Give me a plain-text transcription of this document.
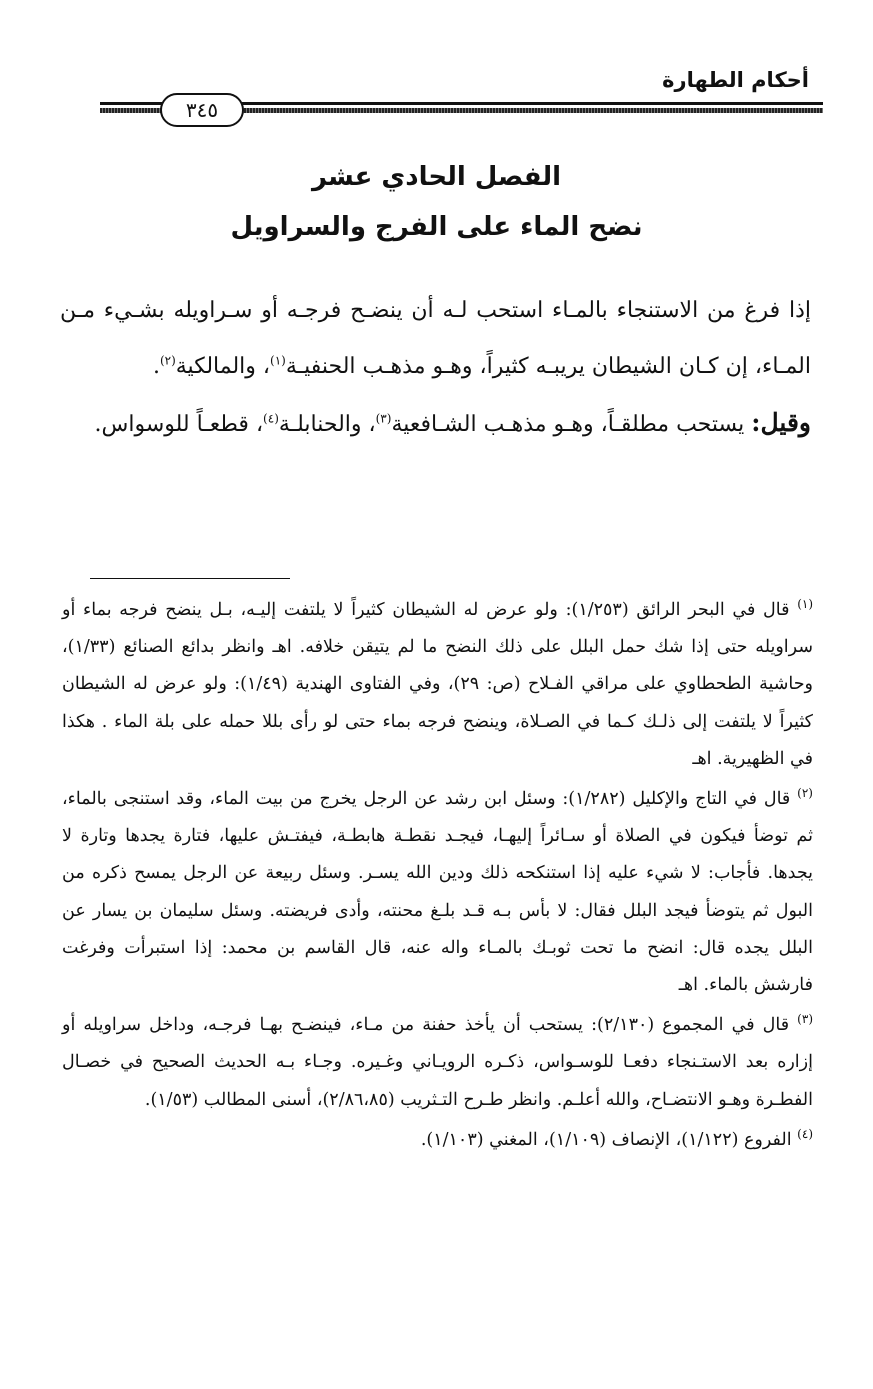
أحكام الطهارة
٣٤٥
الفصل الحادي عشر
نضح الماء على الفرج والسراويل

إذا فرغ من الاستنجاء بالمـاء استحب لـه أن ينضـح فرجـه أو سـراويله بشـيء مـن المـاء، إن كـان الشيطان يريبـه كثيراً، وهـو مذهـب الحنفيـة$^{(١)}$، والمالكية$^{(٢)}$.

وقيل: يستحب مطلقـاً، وهـو مذهـب الشـافعية$^{(٣)}$، والحنابلـة$^{(٤)}$، قطعـاً للوسواس.

$^{(١)}$ قال في البحر الرائق (١/٢٥٣): ولو عرض له الشيطان كثيراً لا يلتفت إليـه، بـل ينضح فرجه بماء أو سراويله حتى إذا شك حمل البلل على ذلك النضح ما لم يتيقن خلافه. اهـ وانظر بدائع الصنائع (١/٣٣)، وحاشية الطحطاوي على مراقي الفـلاح (ص: ٢٩)، وفي الفتاوى الهندية (١/٤٩): ولو عرض له الشيطان كثيراً لا يلتفت إلى ذلـك كـما في الصـلاة، وينضح فرجه بماء حتى لو رأى بللا حمله على بلة الماء . هكذا في الظهيرية. اهـ

$^{(٢)}$ قال في التاج والإكليل (١/٢٨٢): وسئل ابن رشد عن الرجل يخرج من بيت الماء، وقد استنجى بالماء، ثم توضأ فيكون في الصلاة أو سـائراً إليهـا، فيجـد نقطـة هابطـة، فيفتـش عليها، فتارة يجدها وتارة لا يجدها. فأجاب: لا شيء عليه إذا استنكحه ذلك ودين الله يسـر. وسئل ربيعة عن الرجل يمسح ذكره من البول ثم يتوضأ فيجد البلل فقال: لا بأس بـه قـد بلـغ محنته، وأدى فريضته. وسئل سليمان بن يسار عن البلل يجده قال: انضح ما تحت ثوبـك بالمـاء واله عنه، قال القاسم بن محمد: إذا استبرأت وفرغت فارشش بالماء. اهـ

$^{(٣)}$ قال في المجموع (٢/١٣٠): يستحب أن يأخذ حفنة من مـاء، فينضـح بهـا فرجـه، وداخل سراويله أو إزاره بعد الاستـنجاء دفعـا للوسـواس، ذكـره الرويـاني وغـيره. وجـاء بـه الحديث الصحيح في خصـال الفطـرة وهـو الانتضـاح، والله أعلـم. وانظر طـرح التـثريب (٢/٨٦،٨٥)، أسنى المطالب (١/٥٣).

$^{(٤)}$ الفروع (١/١٢٢)، الإنصاف (١/١٠٩)، المغني (١/١٠٣).
